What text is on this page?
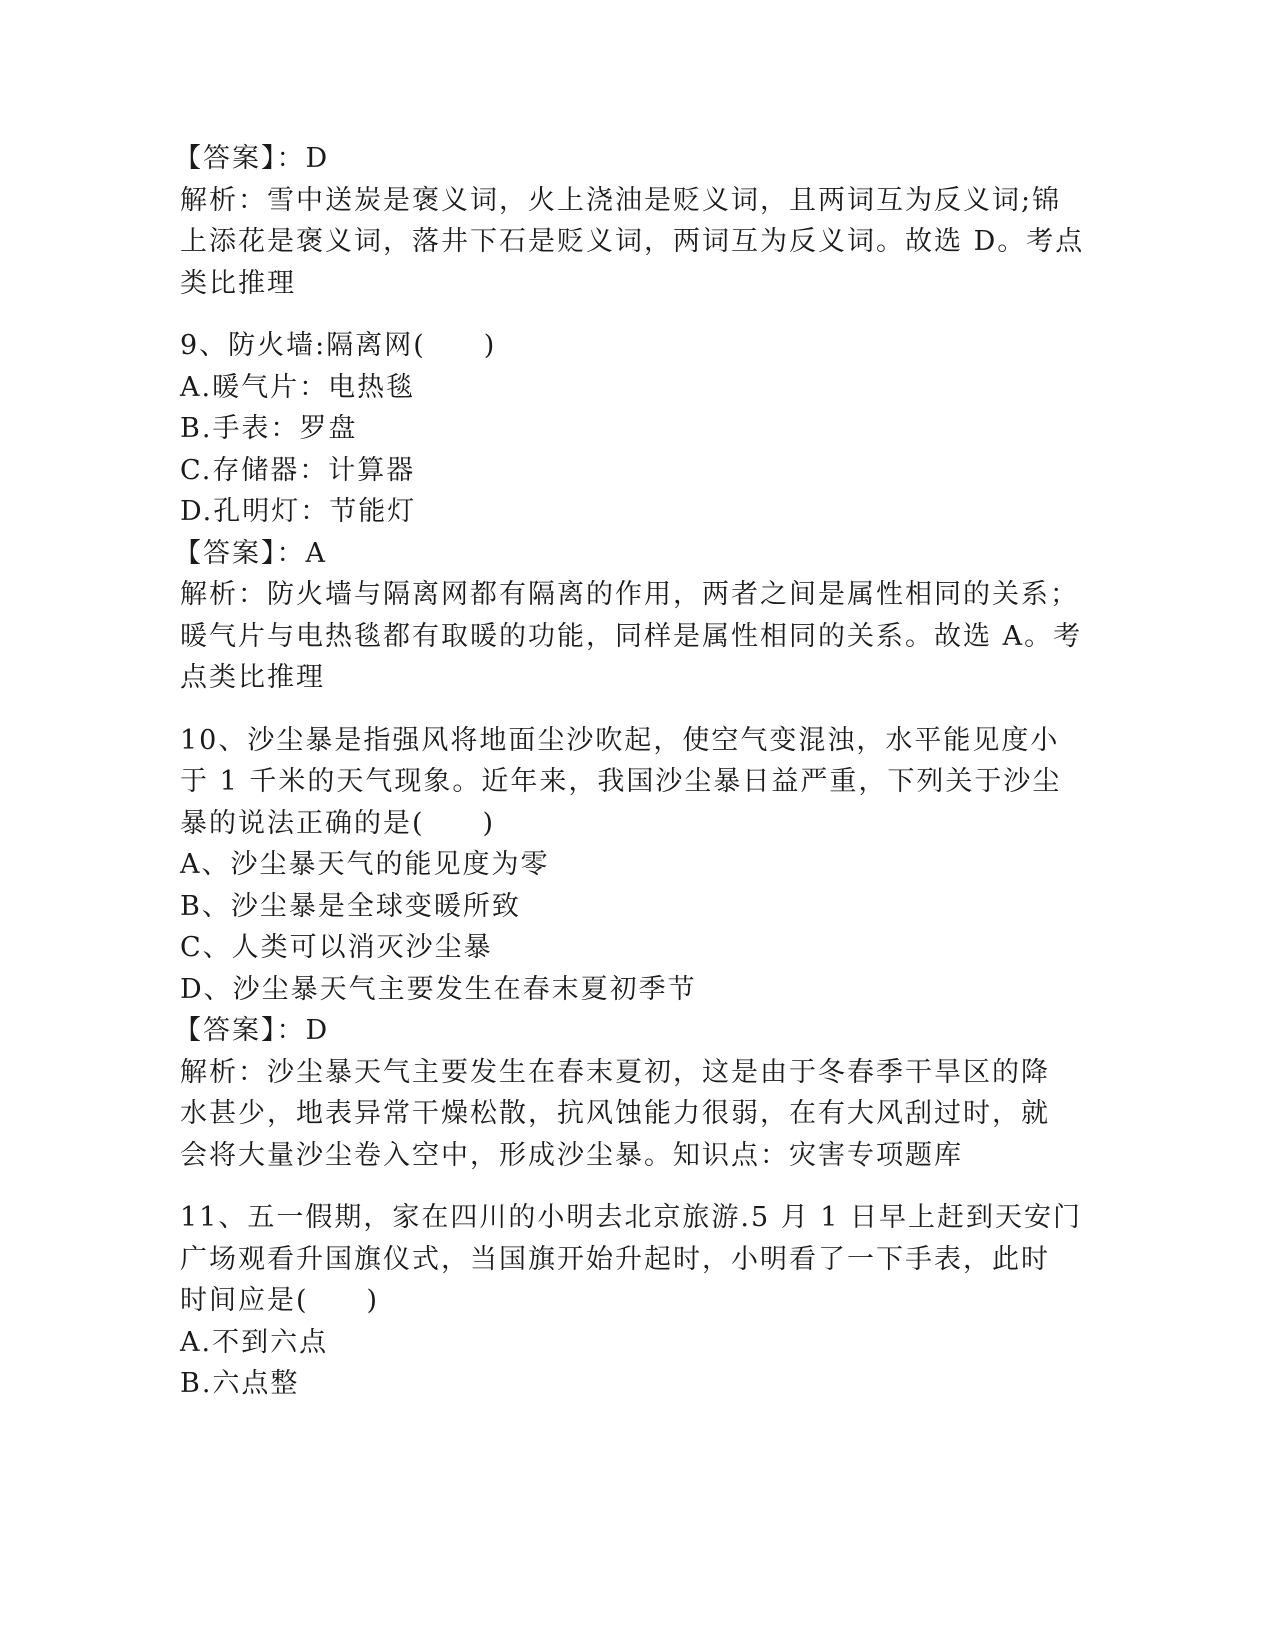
【答案】：D
解析：雪中送炭是褒义词，火上浇油是贬义词，且两词互为反义词;锦
上添花是褒义词，落井下石是贬义词，两词互为反义词。故选 D。考点
类比推理
9、防火墙:隔离网(　　)
A.暖气片：电热毯
B.手表：罗盘
C.存储器：计算器
D.孔明灯：节能灯
【答案】：A
解析：防火墙与隔离网都有隔离的作用，两者之间是属性相同的关系；
暖气片与电热毯都有取暖的功能，同样是属性相同的关系。故选 A。考
点类比推理
10、沙尘暴是指强风将地面尘沙吹起，使空气变混浊，水平能见度小
于 1 千米的天气现象。近年来，我国沙尘暴日益严重，下列关于沙尘
暴的说法正确的是(　　)
A、沙尘暴天气的能见度为零
B、沙尘暴是全球变暖所致
C、人类可以消灭沙尘暴
D、沙尘暴天气主要发生在春末夏初季节
【答案】：D
解析：沙尘暴天气主要发生在春末夏初，这是由于冬春季干旱区的降
水甚少，地表异常干燥松散，抗风蚀能力很弱，在有大风刮过时，就
会将大量沙尘卷入空中，形成沙尘暴。知识点：灾害专项题库
11、五一假期，家在四川的小明去北京旅游.5 月 1 日早上赶到天安门
广场观看升国旗仪式，当国旗开始升起时，小明看了一下手表，此时
时间应是(　　)
A.不到六点
B.六点整
